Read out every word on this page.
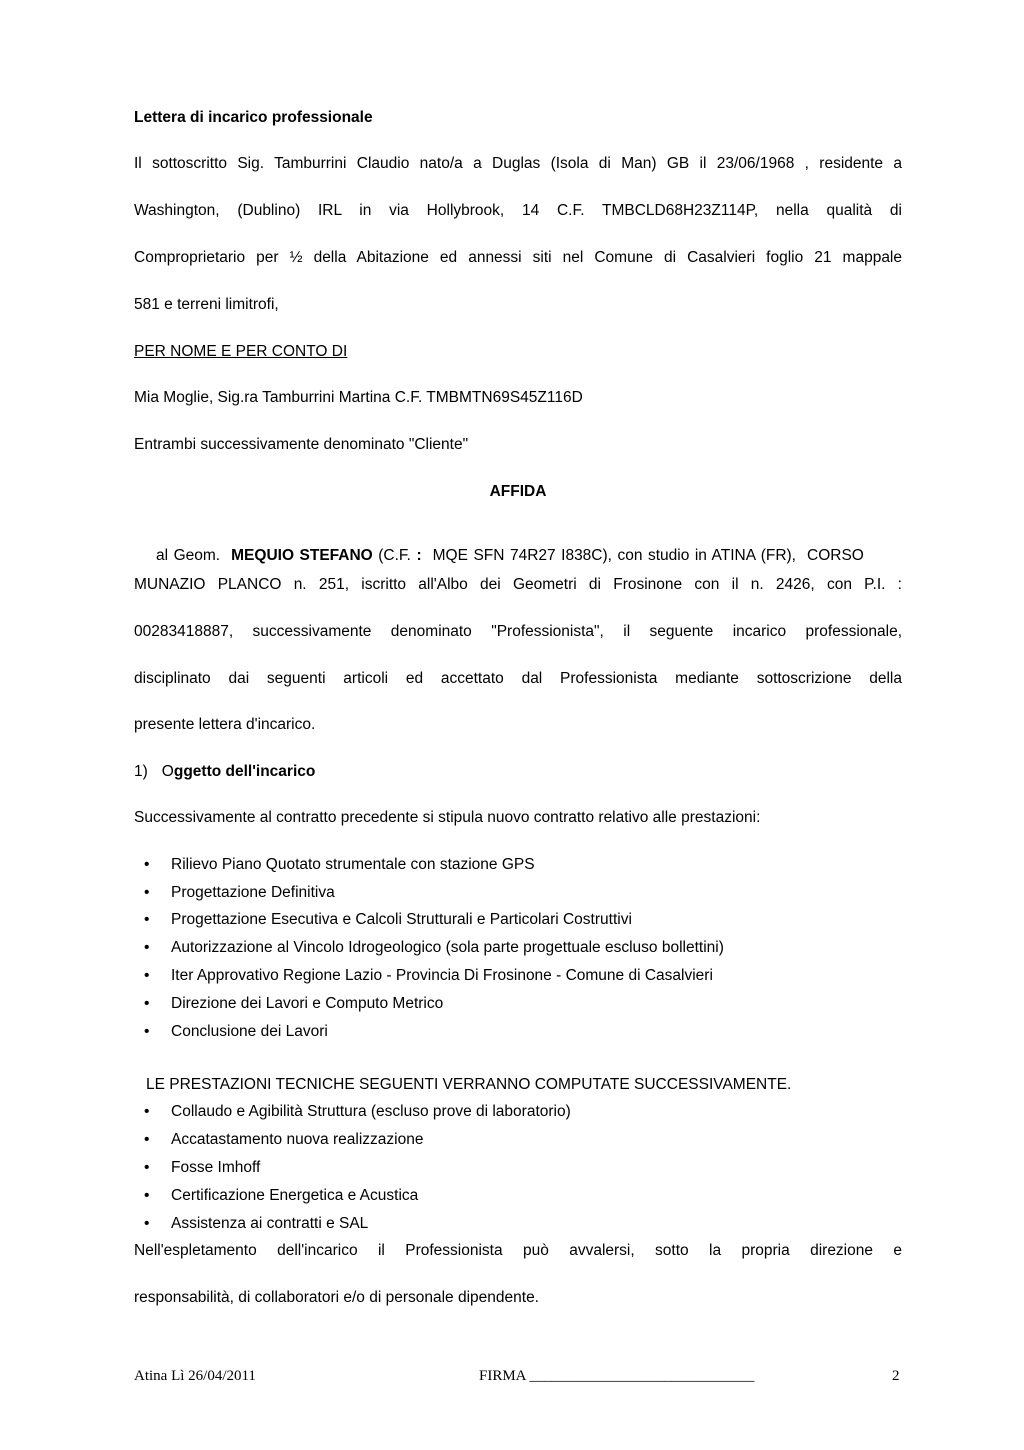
Lettera di incarico professionale
Il sottoscritto Sig. Tamburrini Claudio nato/a a Duglas (Isola di Man) GB il 23/06/1968 , residente a
Washington, (Dublino) IRL in via Hollybrook, 14 C.F. TMBCLD68H23Z114P, nella qualità di
Comproprietario per ½ della Abitazione ed annessi siti nel Comune di Casalvieri foglio 21 mappale
581 e terreni limitrofi,
PER NOME E PER CONTO DI
Mia Moglie, Sig.ra Tamburrini Martina C.F. TMBMTN69S45Z116D
Entrambi successivamente denominato "Cliente"
AFFIDA

al Geom.  MEQUIO STEFANO (C.F. :  MQE SFN 74R27 I838C), con studio in ATINA (FR),  CORSO

MUNAZIO PLANCO n. 251, iscritto all'Albo dei Geometri di Frosinone con il n. 2426, con P.I. :
00283418887, successivamente denominato "Professionista", il seguente incarico professionale,
disciplinato dai seguenti articoli ed accettato dal Professionista mediante sottoscrizione della
presente lettera d'incarico.
1) Oggetto dell'incarico
Successivamente al contratto precedente si stipula nuovo contratto relativo alle prestazioni:
•	Rilievo Piano Quotato strumentale con stazione GPS
•	Progettazione Definitiva
•	Progettazione Esecutiva e Calcoli Strutturali e Particolari Costruttivi
•	Autorizzazione al Vincolo Idrogeologico (sola parte progettuale escluso bollettini)
•	Iter Approvativo Regione Lazio - Provincia Di Frosinone - Comune di Casalvieri
•	Direzione dei Lavori e Computo Metrico
•	Conclusione dei Lavori
LE PRESTAZIONI TECNICHE SEGUENTI VERRANNO COMPUTATE SUCCESSIVAMENTE.
•	Collaudo e Agibilità Struttura (escluso prove di laboratorio)
•	Accatastamento nuova realizzazione
•	Fosse Imhoff
•	Certificazione Energetica e Acustica
•	Assistenza ai contratti e SAL
Nell'espletamento dell'incarico il Professionista può avvalersi, sotto la propria direzione e
responsabilità, di collaboratori e/o di personale dipendente.
Atina Lì 26/04/2011	FIRMA ______________________________	2
